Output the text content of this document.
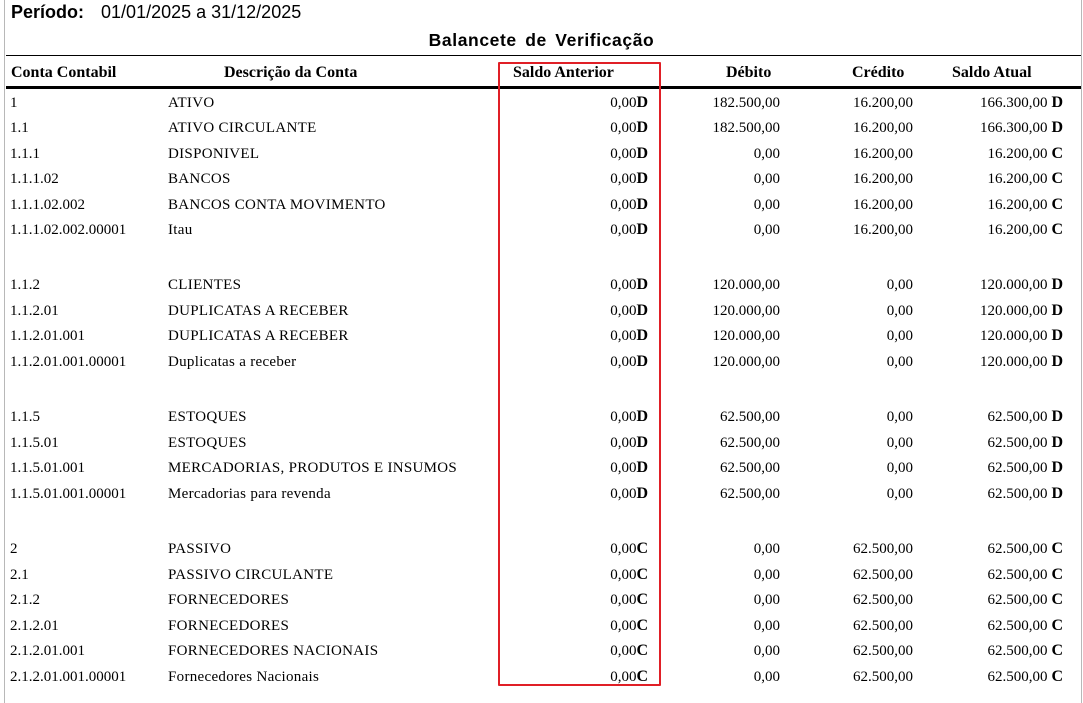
Período: 01/01/2025 a 31/12/2025
Balancete de Verificação
Conta Contabil	Descrição da Conta	Saldo Anterior	Débito	Crédito	Saldo Atual
1	ATIVO	0,00D	182.500,00	16.200,00	166.300,00 D
1.1	ATIVO CIRCULANTE	0,00D	182.500,00	16.200,00	166.300,00 D
1.1.1	DISPONIVEL	0,00D	0,00	16.200,00	16.200,00 C
1.1.1.02	BANCOS	0,00D	0,00	16.200,00	16.200,00 C
1.1.1.02.002	BANCOS CONTA MOVIMENTO	0,00D	0,00	16.200,00	16.200,00 C
1.1.1.02.002.00001	Itau	0,00D	0,00	16.200,00	16.200,00 C
1.1.2	CLIENTES	0,00D	120.000,00	0,00	120.000,00 D
1.1.2.01	DUPLICATAS A RECEBER	0,00D	120.000,00	0,00	120.000,00 D
1.1.2.01.001	DUPLICATAS A RECEBER	0,00D	120.000,00	0,00	120.000,00 D
1.1.2.01.001.00001	Duplicatas a receber	0,00D	120.000,00	0,00	120.000,00 D
1.1.5	ESTOQUES	0,00D	62.500,00	0,00	62.500,00 D
1.1.5.01	ESTOQUES	0,00D	62.500,00	0,00	62.500,00 D
1.1.5.01.001	MERCADORIAS, PRODUTOS E INSUMOS	0,00D	62.500,00	0,00	62.500,00 D
1.1.5.01.001.00001	Mercadorias para revenda	0,00D	62.500,00	0,00	62.500,00 D
2	PASSIVO	0,00C	0,00	62.500,00	62.500,00 C
2.1	PASSIVO CIRCULANTE	0,00C	0,00	62.500,00	62.500,00 C
2.1.2	FORNECEDORES	0,00C	0,00	62.500,00	62.500,00 C
2.1.2.01	FORNECEDORES	0,00C	0,00	62.500,00	62.500,00 C
2.1.2.01.001	FORNECEDORES NACIONAIS	0,00C	0,00	62.500,00	62.500,00 C
2.1.2.01.001.00001	Fornecedores Nacionais	0,00C	0,00	62.500,00	62.500,00 C
